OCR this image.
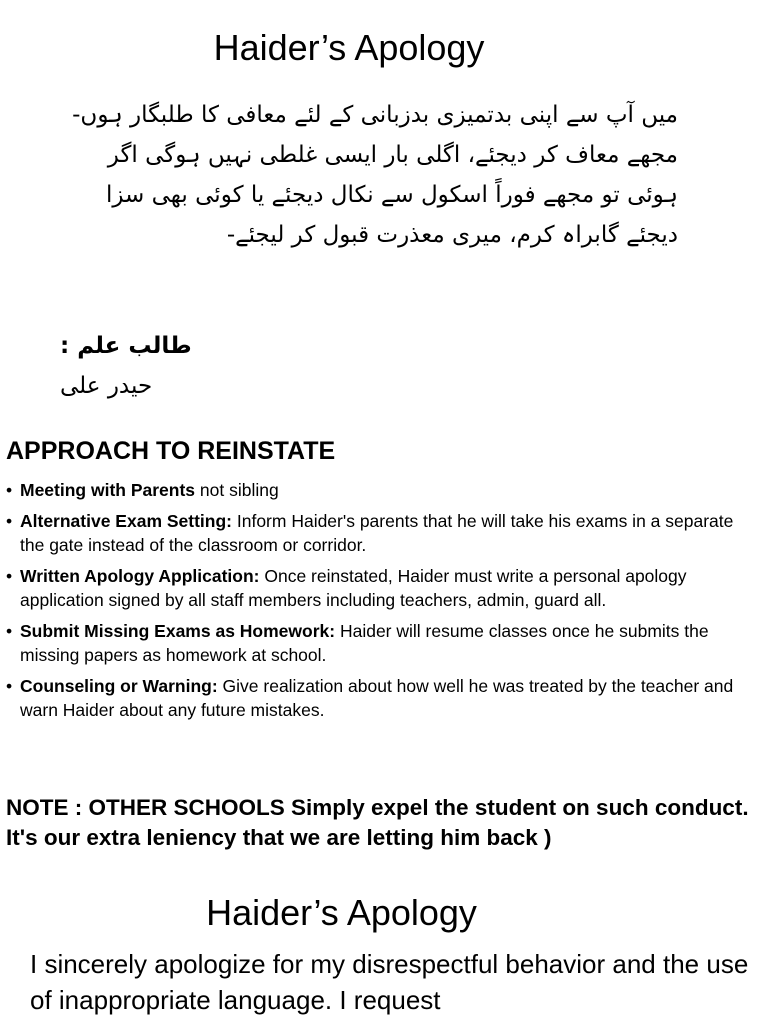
Haider’s Apology
میں آپ سے اپنی بدتمیزی بدزبانی کے لئے معافی کا طلبگار ہوں-مجھے معاف کر دیجئے، اگلی بار ایسی غلطی نہیں ہوگی اگر ہوئی تو مجھے فوراً اسکول سے نکال دیجئے یا کوئی بھی سزا دیجئے گابراہ کرم، میری معذرت قبول کر لیجئے-
طالب علم :
حیدر علی
APPROACH TO REINSTATE
• Meeting with Parents not sibling
• Alternative Exam Setting: Inform Haider's parents that he will take his exams in a separate the gate instead of the classroom or corridor.
• Written Apology Application: Once reinstated, Haider must write a personal apology application signed by all staff members including teachers, admin, guard all.
• Submit Missing Exams as Homework: Haider will resume classes once he submits the missing papers as homework at school.
• Counseling or Warning: Give realization about how well he was treated by the teacher and warn Haider about any future mistakes.
NOTE : OTHER SCHOOLS Simply expel the student on such conduct. It's our extra leniency that we are letting him back )
Haider’s Apology
I sincerely apologize for my disrespectful behavior and the use of inappropriate language. I request
